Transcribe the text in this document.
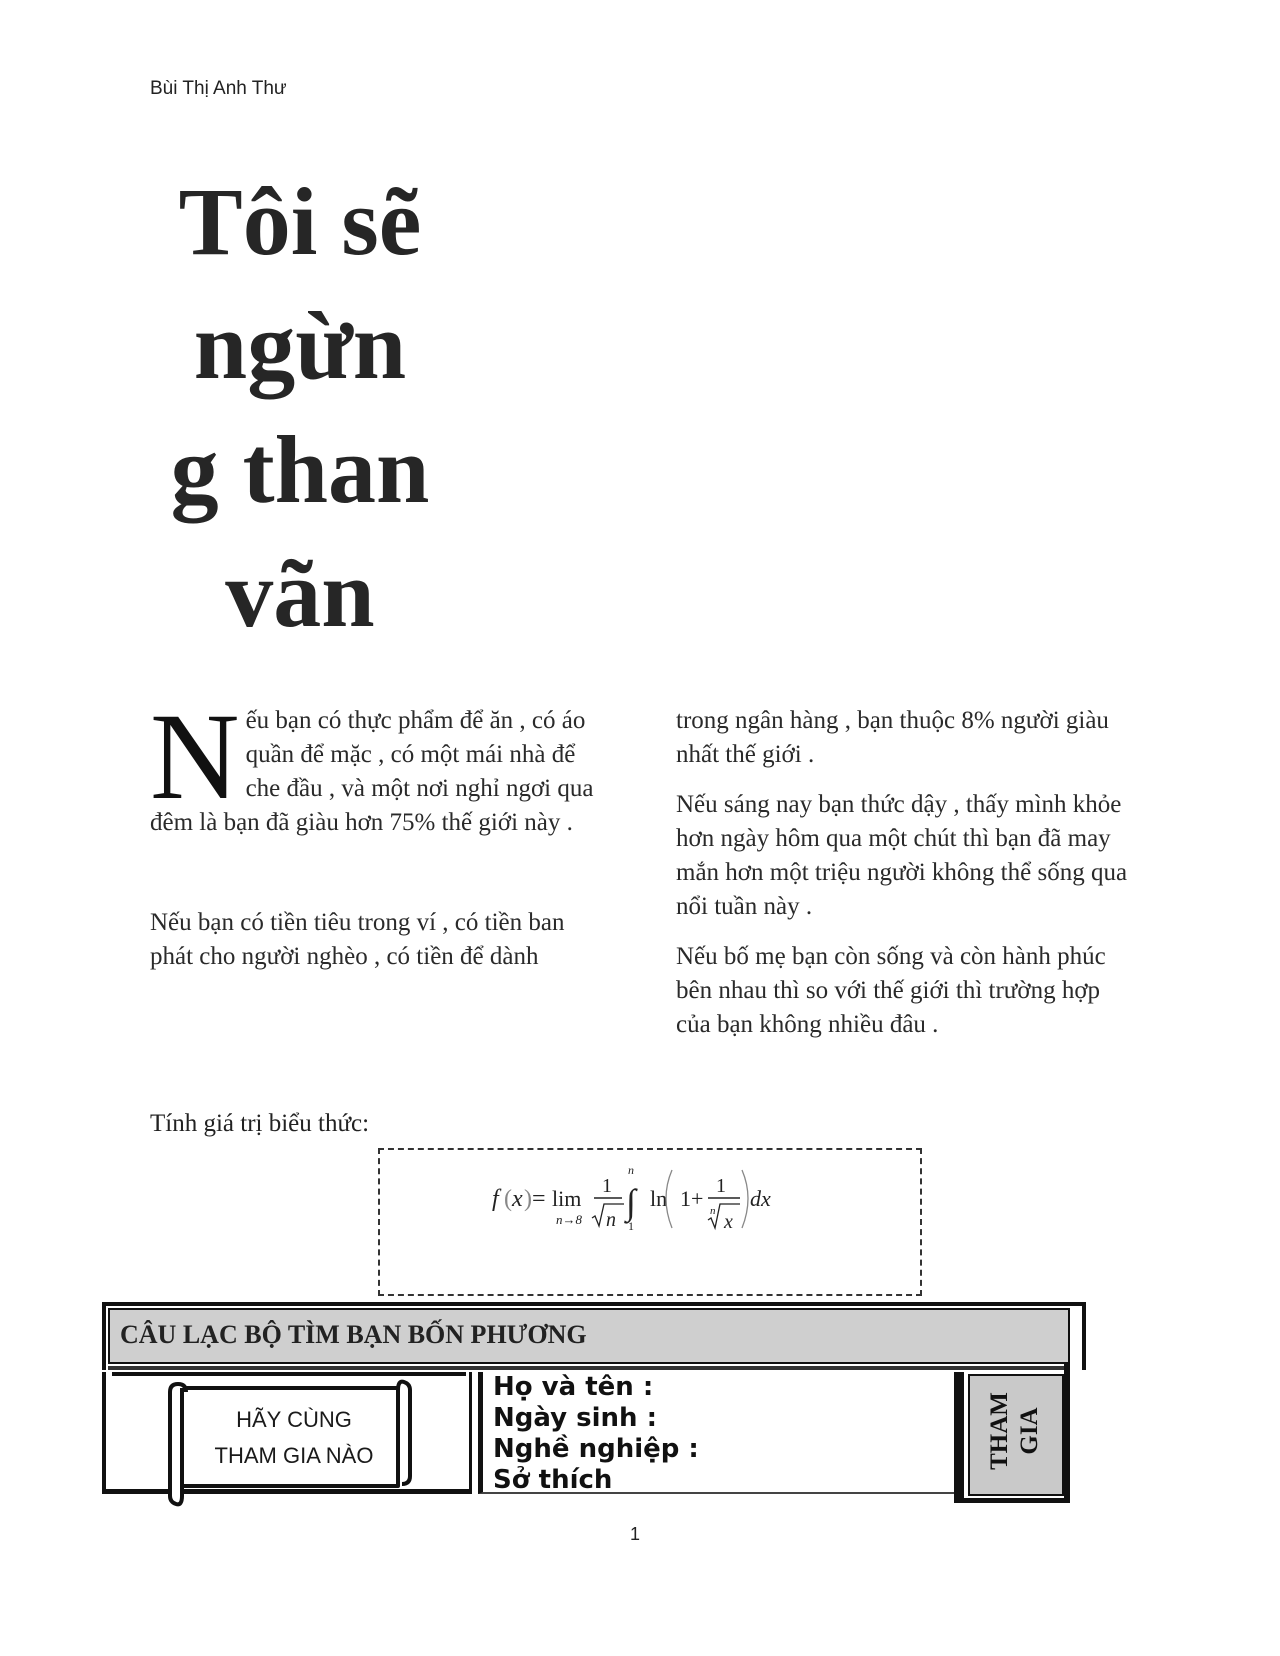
Bùi Thị Anh Thư
Tôi sẽ
ngừn
g than
vãn

Nếu bạn có thực phẩm để ăn , có áo quần để mặc , có một mái nhà để che đầu , và một nơi nghỉ ngơi qua đêm là bạn đã giàu hơn 75% thế giới này .

Nếu bạn có tiền tiêu trong ví , có tiền ban phát cho người nghèo , có tiền để dành

trong ngân hàng , bạn thuộc 8% người giàu nhất thế giới .

Nếu sáng nay bạn thức dậy , thấy mình khỏe hơn ngày hôm qua một chút thì bạn đã may mắn hơn một triệu người không thể sống qua nổi tuần này .

Nếu bố mẹ bạn còn sống và còn hành phúc bên nhau thì so với thế giới thì trường hợp của bạn không nhiều đâu .

Tính giá trị biểu thức:
f ( x ) = lim
n→8
1
n
n
∫
1
ln 1+ 1
n x
dx
CÂU LẠC BỘ TÌM BẠN BỐN PHƯƠNG
Họ và tên :
Ngày sinh :
Nghề nghiệp :
Sở thích
THAM GIA
HÃY CÙNG
THAM GIA NÀO
1
